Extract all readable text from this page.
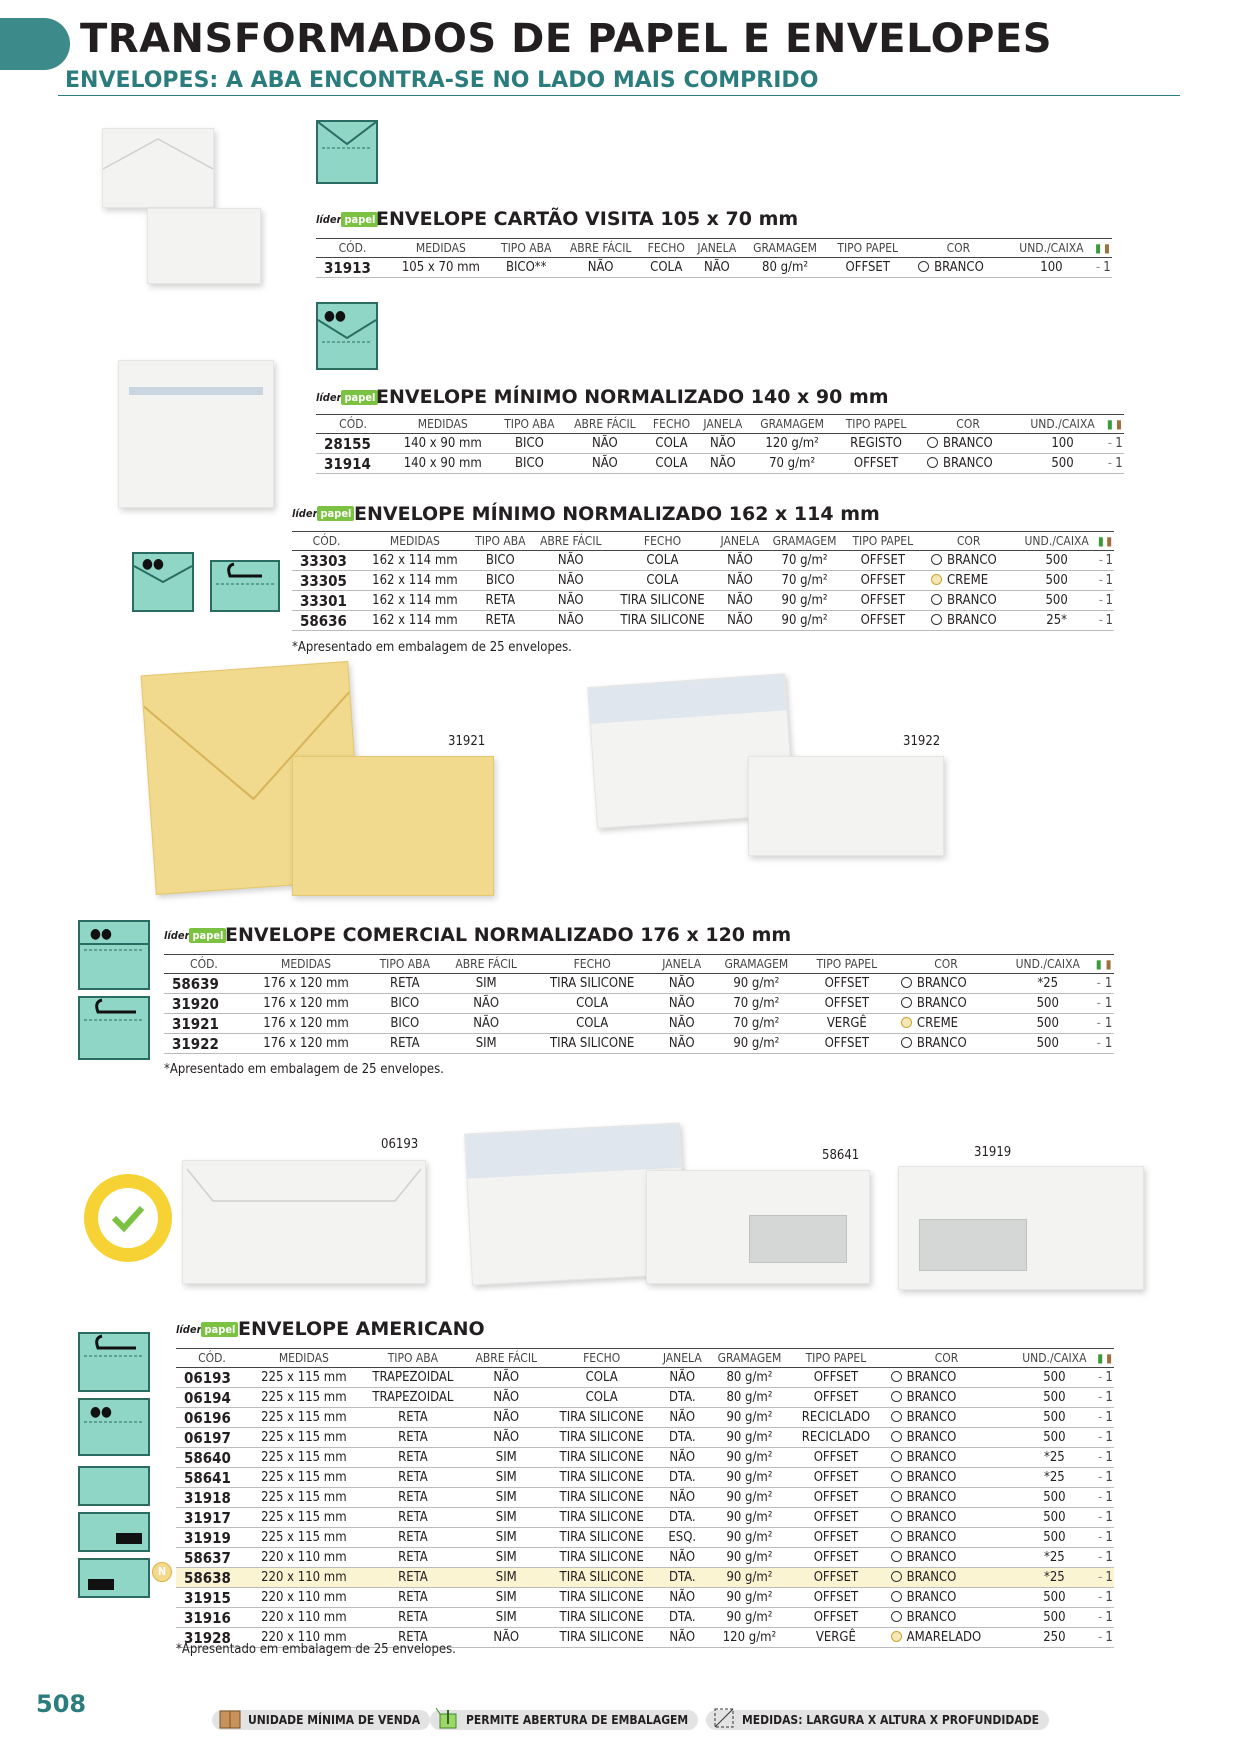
TRANSFORMADOS DE PAPEL E ENVELOPES
ENVELOPES: A ABA ENCONTRA-SE NO LADO MAIS COMPRIDO
líder papel ENVELOPE CARTÃO VISITA 105 x 70 mm
CÓD.	MEDIDAS	TIPO ABA	ABRE FÁCIL	FECHO	JANELA	GRAMAGEM	TIPO PAPEL	COR	UND./CAIXA	▮	▮
31913	105 x 70 mm	BICO**	NÃO	COLA	NÃO	80 g/m²	OFFSET	BRANCO	100	-	1
●●
líder papel ENVELOPE MÍNIMO NORMALIZADO 140 x 90 mm
CÓD.	MEDIDAS	TIPO ABA	ABRE FÁCIL	FECHO	JANELA	GRAMAGEM	TIPO PAPEL	COR	UND./CAIXA	▮	▮
28155	140 x 90 mm	BICO	NÃO	COLA	NÃO	120 g/m²	REGISTO	BRANCO	100	-	1
31914	140 x 90 mm	BICO	NÃO	COLA	NÃO	70 g/m²	OFFSET	BRANCO	500	-	1
●●
líder papel ENVELOPE MÍNIMO NORMALIZADO 162 x 114 mm
CÓD.	MEDIDAS	TIPO ABA	ABRE FÁCIL	FECHO	JANELA	GRAMAGEM	TIPO PAPEL	COR	UND./CAIXA	▮	▮
33303	162 x 114 mm	BICO	NÃO	COLA	NÃO	70 g/m²	OFFSET	BRANCO	500	-	1
33305	162 x 114 mm	BICO	NÃO	COLA	NÃO	70 g/m²	OFFSET	CREME	500	-	1
33301	162 x 114 mm	RETA	NÃO	TIRA SILICONE	NÃO	90 g/m²	OFFSET	BRANCO	500	-	1
58636	162 x 114 mm	RETA	NÃO	TIRA SILICONE	NÃO	90 g/m²	OFFSET	BRANCO	25*	-	1
*Apresentado em embalagem de 25 envelopes.
31921	31922
●●	líder papel ENVELOPE COMERCIAL NORMALIZADO 176 x 120 mm
CÓD.	MEDIDAS	TIPO ABA	ABRE FÁCIL	FECHO	JANELA	GRAMAGEM	TIPO PAPEL	COR	UND./CAIXA	▮	▮
58639	176 x 120 mm	RETA	SIM	TIRA SILICONE	NÃO	90 g/m²	OFFSET	BRANCO	*25	-	1
31920	176 x 120 mm	BICO	NÃO	COLA	NÃO	70 g/m²	OFFSET	BRANCO	500	-	1
31921	176 x 120 mm	BICO	NÃO	COLA	NÃO	70 g/m²	VERGÊ	CREME	500	-	1
31922	176 x 120 mm	RETA	SIM	TIRA SILICONE	NÃO	90 g/m²	OFFSET	BRANCO	500	-	1
*Apresentado em embalagem de 25 envelopes.
06193
58641	31919
●●
N
líder papel ENVELOPE AMERICANO
CÓD.	MEDIDAS	TIPO ABA	ABRE FÁCIL	FECHO	JANELA	GRAMAGEM	TIPO PAPEL	COR	UND./CAIXA	▮	▮
06193	225 x 115 mm	TRAPEZOIDAL	NÃO	COLA	NÃO	80 g/m²	OFFSET	BRANCO	500	-	1
06194	225 x 115 mm	TRAPEZOIDAL	NÃO	COLA	DTA.	80 g/m²	OFFSET	BRANCO	500	-	1
06196	225 x 115 mm	RETA	NÃO	TIRA SILICONE	NÃO	90 g/m²	RECICLADO	BRANCO	500	-	1
06197	225 x 115 mm	RETA	NÃO	TIRA SILICONE	DTA.	90 g/m²	RECICLADO	BRANCO	500	-	1
58640	225 x 115 mm	RETA	SIM	TIRA SILICONE	NÃO	90 g/m²	OFFSET	BRANCO	*25	-	1
58641	225 x 115 mm	RETA	SIM	TIRA SILICONE	DTA.	90 g/m²	OFFSET	BRANCO	*25	-	1
31918	225 x 115 mm	RETA	SIM	TIRA SILICONE	NÃO	90 g/m²	OFFSET	BRANCO	500	-	1
31917	225 x 115 mm	RETA	SIM	TIRA SILICONE	DTA.	90 g/m²	OFFSET	BRANCO	500	-	1
31919	225 x 115 mm	RETA	SIM	TIRA SILICONE	ESQ.	90 g/m²	OFFSET	BRANCO	500	-	1
58637	220 x 110 mm	RETA	SIM	TIRA SILICONE	NÃO	90 g/m²	OFFSET	BRANCO	*25	-	1
58638	220 x 110 mm	RETA	SIM	TIRA SILICONE	DTA.	90 g/m²	OFFSET	BRANCO	*25	-	1
31915	220 x 110 mm	RETA	SIM	TIRA SILICONE	NÃO	90 g/m²	OFFSET	BRANCO	500	-	1
31916	220 x 110 mm	RETA	SIM	TIRA SILICONE	DTA.	90 g/m²	OFFSET	BRANCO	500	-	1
31928	220 x 110 mm	RETA	NÃO	TIRA SILICONE	NÃO	120 g/m²	VERGÊ	AMARELADO	250	-	1
*Apresentado em embalagem de 25 envelopes.
508
UNIDADE MÍNIMA DE VENDA	PERMITE ABERTURA DE EMBALAGEM	MEDIDAS: LARGURA X ALTURA X PROFUNDIDADE
